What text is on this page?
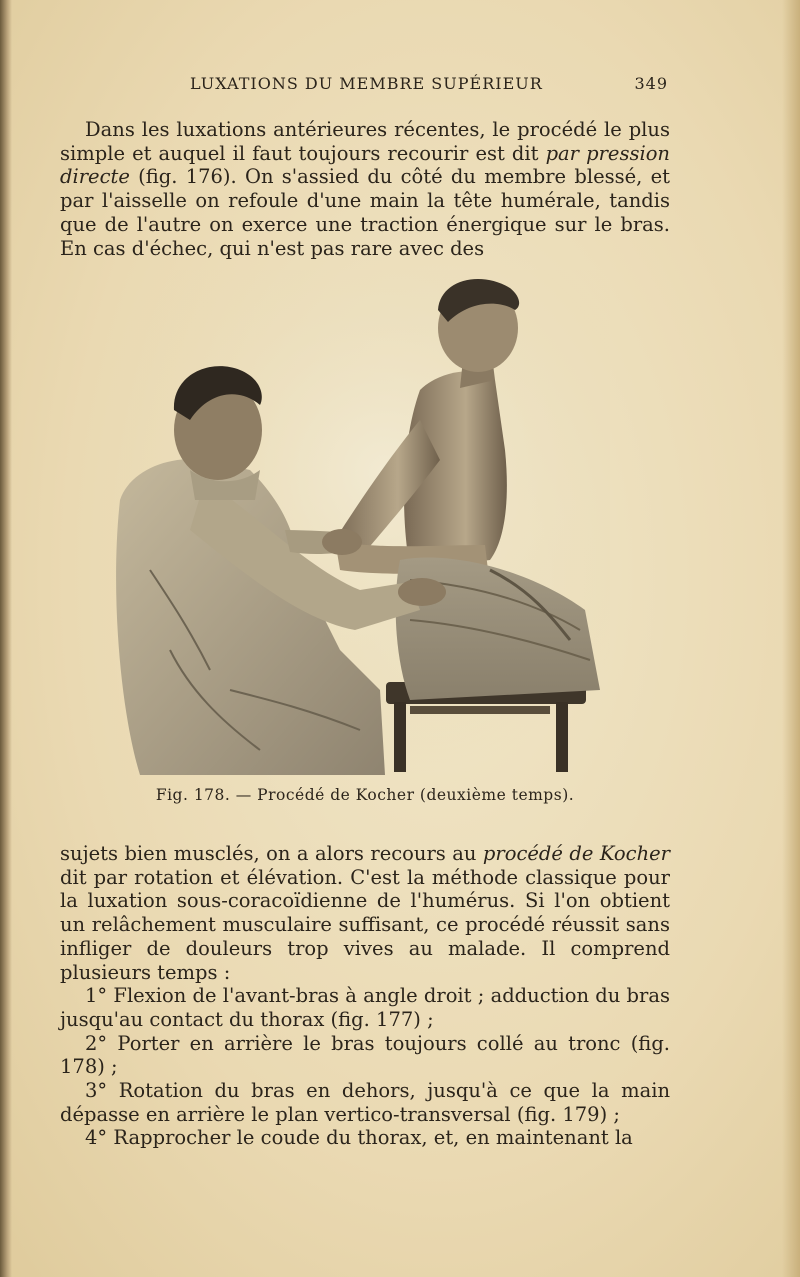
LUXATIONS DU MEMBRE SUPÉRIEUR	349

Dans les luxations antérieures récentes, le procédé le plus simple et auquel il faut toujours recourir est dit par pression directe (fig. 176). On s'assied du côté du membre blessé, et par l'aisselle on refoule d'une main la tête humérale, tandis que de l'autre on exerce une traction énergique sur le bras. En cas d'échec, qui n'est pas rare avec des

Fig. 178. — Procédé de Kocher (deuxième temps).

sujets bien musclés, on a alors recours au procédé de Kocher dit par rotation et élévation. C'est la méthode classique pour la luxation sous-coracoïdienne de l'humérus. Si l'on obtient un relâchement musculaire suffisant, ce procédé réussit sans infliger de douleurs trop vives au malade. Il comprend plusieurs temps :

1° Flexion de l'avant-bras à angle droit ; adduction du bras jusqu'au contact du thorax (fig. 177) ;

2° Porter en arrière le bras toujours collé au tronc (fig. 178) ;

3° Rotation du bras en dehors, jusqu'à ce que la main dépasse en arrière le plan vertico-transversal (fig. 179) ;

4° Rapprocher le coude du thorax, et, en maintenant la
